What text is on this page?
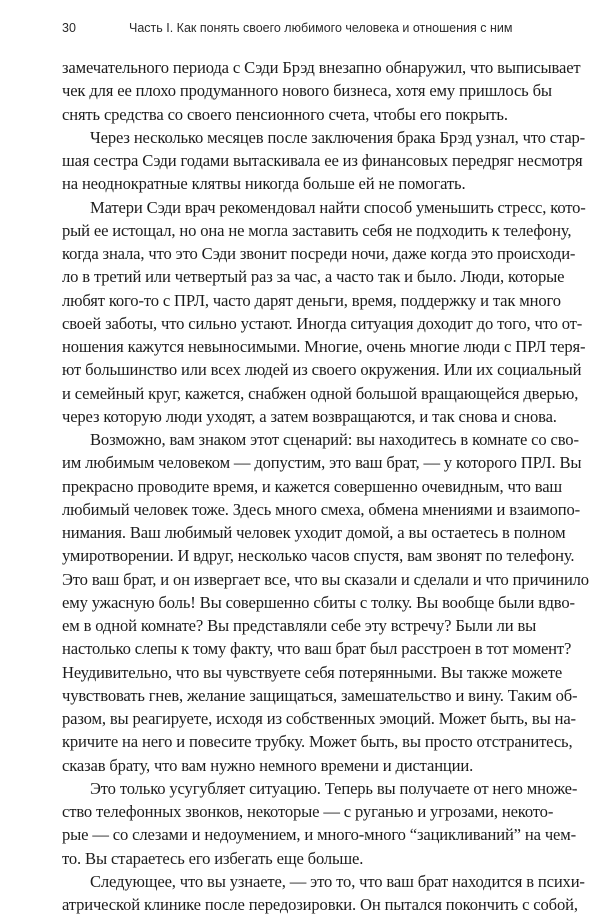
30	Часть I. Как понять своего любимого человека и отношения с ним
замечательного периода с Сэди Брэд внезапно обнаружил, что выписывает
чек для ее плохо продуманного нового бизнеса, хотя ему пришлось бы
снять средства со своего пенсионного счета, чтобы его покрыть.
Через несколько месяцев после заключения брака Брэд узнал, что стар-
шая сестра Сэди годами вытаскивала ее из финансовых передряг несмотря
на неоднократные клятвы никогда больше ей не помогать.
Матери Сэди врач рекомендовал найти способ уменьшить стресс, кото-
рый ее истощал, но она не могла заставить себя не подходить к телефону,
когда знала, что это Сэди звонит посреди ночи, даже когда это происходи-
ло в третий или четвертый раз за час, а часто так и было. Люди, которые
любят кого-то с ПРЛ, часто дарят деньги, время, поддержку и так много
своей заботы, что сильно устают. Иногда ситуация доходит до того, что от-
ношения кажутся невыносимыми. Многие, очень многие люди с ПРЛ теря-
ют большинство или всех людей из своего окружения. Или их социальный
и семейный круг, кажется, снабжен одной большой вращающейся дверью,
через которую люди уходят, а затем возвращаются, и так снова и снова.
Возможно, вам знаком этот сценарий: вы находитесь в комнате со сво-
им любимым человеком — допустим, это ваш брат, — у которого ПРЛ. Вы
прекрасно проводите время, и кажется совершенно очевидным, что ваш
любимый человек тоже. Здесь много смеха, обмена мнениями и взаимопо-
нимания. Ваш любимый человек уходит домой, а вы остаетесь в полном
умиротворении. И вдруг, несколько часов спустя, вам звонят по телефону.
Это ваш брат, и он извергает все, что вы сказали и сделали и что причинило
ему ужасную боль! Вы совершенно сбиты с толку. Вы вообще были вдво-
ем в одной комнате? Вы представляли себе эту встречу? Были ли вы
настолько слепы к тому факту, что ваш брат был расстроен в тот момент?
Неудивительно, что вы чувствуете себя потерянными. Вы также можете
чувствовать гнев, желание защищаться, замешательство и вину. Таким об-
разом, вы реагируете, исходя из собственных эмоций. Может быть, вы на-
кричите на него и повесите трубку. Может быть, вы просто отстранитесь,
сказав брату, что вам нужно немного времени и дистанции.
Это только усугубляет ситуацию. Теперь вы получаете от него множе-
ство телефонных звонков, некоторые — с руганью и угрозами, некото-
рые — со слезами и недоумением, и много-много “зацикливаний” на чем-
то. Вы стараетесь его избегать еще больше.
Следующее, что вы узнаете, — это то, что ваш брат находится в психи-
атрической клинике после передозировки. Он пытался покончить с собой,
